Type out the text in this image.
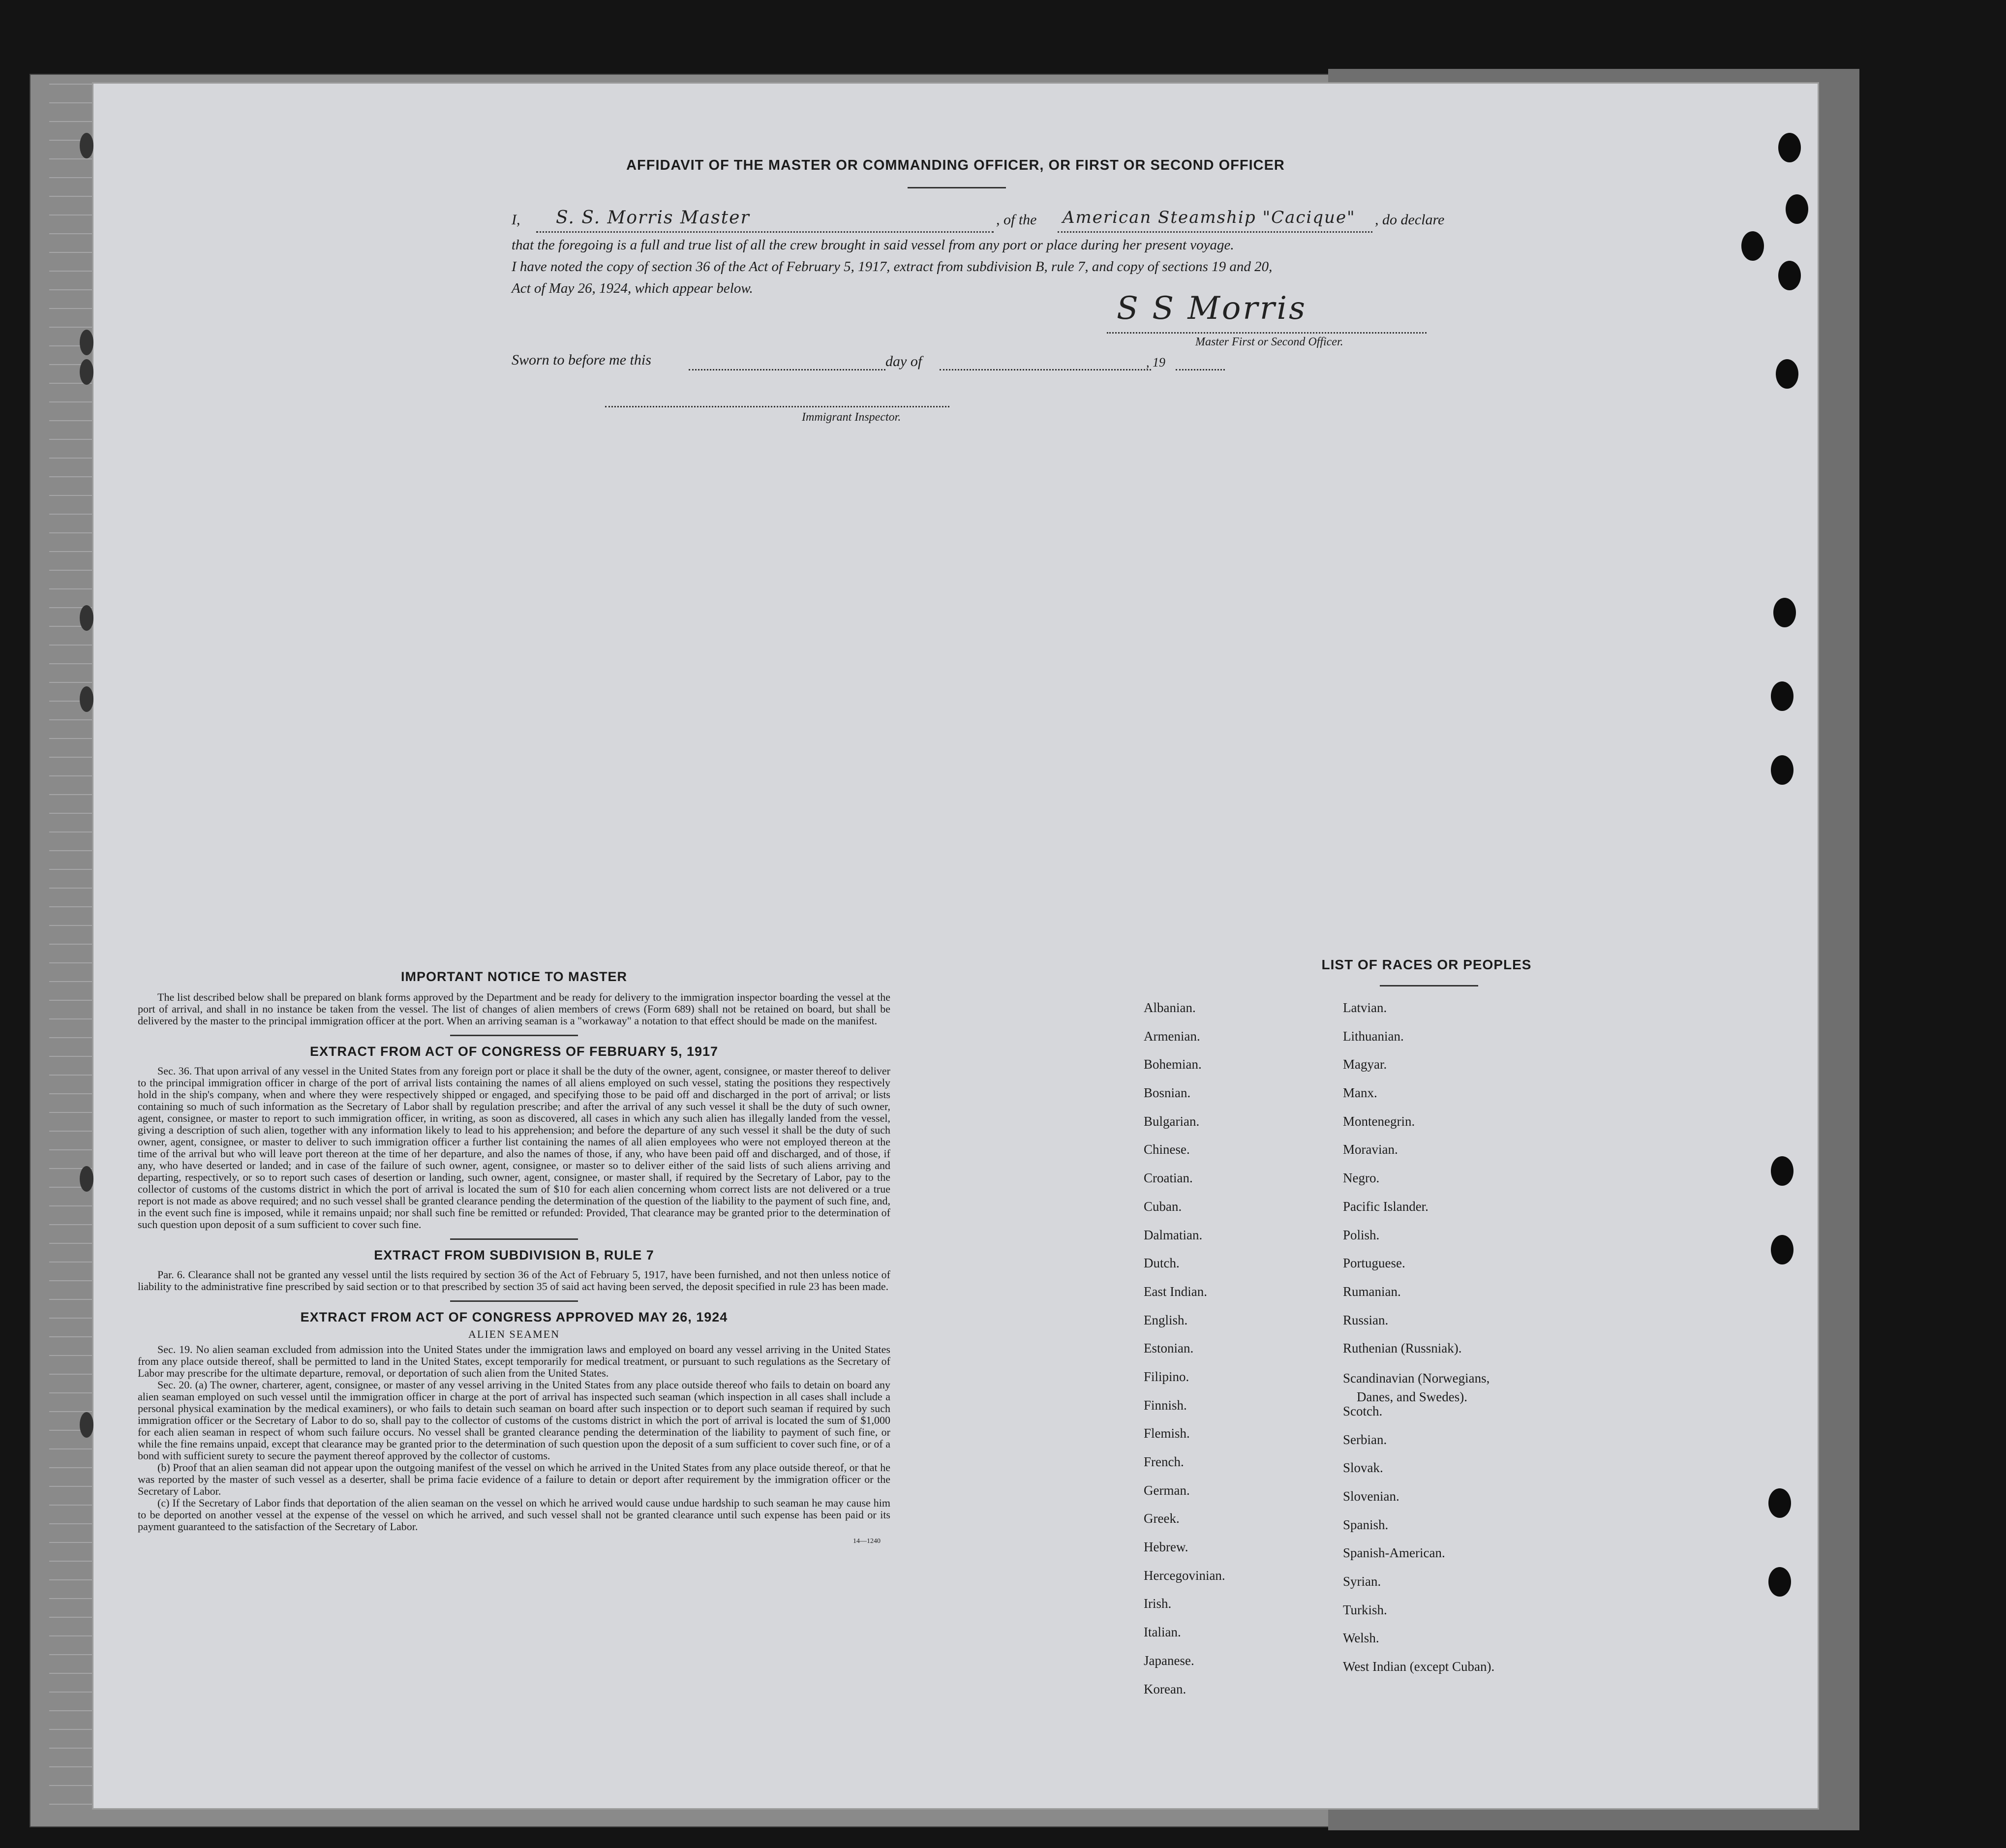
AFFIDAVIT OF THE MASTER OR COMMANDING OFFICER, OR FIRST OR SECOND OFFICER
I, S. S. Morris Master	, of the American Steamship "Cacique" , do declare
that the foregoing is a full and true list of all the crew brought in said vessel from any port or place during her present voyage.
I have noted the copy of section 36 of the Act of February 5, 1917, extract from subdivision B, rule 7, and copy of sections 19 and 20,
Act of May 26, 1924, which appear below.
S S Morris
Master First or Second Officer.
Sworn to before me this	day of	, 19
Immigrant Inspector.
IMPORTANT NOTICE TO MASTER

The list described below shall be prepared on blank forms approved by the Department and be ready for delivery to the immigration inspector boarding the vessel at the port of arrival, and shall in no instance be taken from the vessel. The list of changes of alien members of crews (Form 689) shall not be retained on board, but shall be delivered by the master to the principal immigration officer at the port. When an arriving seaman is a "workaway" a notation to that effect should be made on the manifest.

EXTRACT FROM ACT OF CONGRESS OF FEBRUARY 5, 1917

Sec. 36. That upon arrival of any vessel in the United States from any foreign port or place it shall be the duty of the owner, agent, consignee, or master thereof to deliver to the principal immigration officer in charge of the port of arrival lists containing the names of all aliens employed on such vessel, stating the positions they respectively hold in the ship's company, when and where they were respectively shipped or engaged, and specifying those to be paid off and discharged in the port of arrival; or lists containing so much of such information as the Secretary of Labor shall by regulation prescribe; and after the arrival of any such vessel it shall be the duty of such owner, agent, consignee, or master to report to such immigration officer, in writing, as soon as discovered, all cases in which any such alien has illegally landed from the vessel, giving a description of such alien, together with any information likely to lead to his apprehension; and before the departure of any such vessel it shall be the duty of such owner, agent, consignee, or master to deliver to such immigration officer a further list containing the names of all alien employees who were not employed thereon at the time of the arrival but who will leave port thereon at the time of her departure, and also the names of those, if any, who have been paid off and discharged, and of those, if any, who have deserted or landed; and in case of the failure of such owner, agent, consignee, or master so to deliver either of the said lists of such aliens arriving and departing, respectively, or so to report such cases of desertion or landing, such owner, agent, consignee, or master shall, if required by the Secretary of Labor, pay to the collector of customs of the customs district in which the port of arrival is located the sum of $10 for each alien concerning whom correct lists are not delivered or a true report is not made as above required; and no such vessel shall be granted clearance pending the determination of the question of the liability to the payment of such fine, and, in the event such fine is imposed, while it remains unpaid; nor shall such fine be remitted or refunded: Provided, That clearance may be granted prior to the determination of such question upon deposit of a sum sufficient to cover such fine.

EXTRACT FROM SUBDIVISION B, RULE 7

Par. 6. Clearance shall not be granted any vessel until the lists required by section 36 of the Act of February 5, 1917, have been furnished, and not then unless notice of liability to the administrative fine prescribed by said section or to that prescribed by section 35 of said act having been served, the deposit specified in rule 23 has been made.

EXTRACT FROM ACT OF CONGRESS APPROVED MAY 26, 1924
ALIEN SEAMEN

Sec. 19. No alien seaman excluded from admission into the United States under the immigration laws and employed on board any vessel arriving in the United States from any place outside thereof, shall be permitted to land in the United States, except temporarily for medical treatment, or pursuant to such regulations as the Secretary of Labor may prescribe for the ultimate departure, removal, or deportation of such alien from the United States.

Sec. 20. (a) The owner, charterer, agent, consignee, or master of any vessel arriving in the United States from any place outside thereof who fails to detain on board any alien seaman employed on such vessel until the immigration officer in charge at the port of arrival has inspected such seaman (which inspection in all cases shall include a personal physical examination by the medical examiners), or who fails to detain such seaman on board after such inspection or to deport such seaman if required by such immigration officer or the Secretary of Labor to do so, shall pay to the collector of customs of the customs district in which the port of arrival is located the sum of $1,000 for each alien seaman in respect of whom such failure occurs. No vessel shall be granted clearance pending the determination of the liability to payment of such fine, or while the fine remains unpaid, except that clearance may be granted prior to the determination of such question upon the deposit of a sum sufficient to cover such fine, or of a bond with sufficient surety to secure the payment thereof approved by the collector of customs.

(b) Proof that an alien seaman did not appear upon the outgoing manifest of the vessel on which he arrived in the United States from any place outside thereof, or that he was reported by the master of such vessel as a deserter, shall be prima facie evidence of a failure to detain or deport after requirement by the immigration officer or the Secretary of Labor.

(c) If the Secretary of Labor finds that deportation of the alien seaman on the vessel on which he arrived would cause undue hardship to such seaman he may cause him to be deported on another vessel at the expense of the vessel on which he arrived, and such vessel shall not be granted clearance until such expense has been paid or its payment guaranteed to the satisfaction of the Secretary of Labor.

14—1240
LIST OF RACES OR PEOPLES
Albanian.
Armenian.
Bohemian.
Bosnian.
Bulgarian.
Chinese.
Croatian.
Cuban.
Dalmatian.
Dutch.
East Indian.
English.
Estonian.
Filipino.
Finnish.
Flemish.
French.
German.
Greek.
Hebrew.
Hercegovinian.
Irish.
Italian.
Japanese.
Korean.
Latvian.
Lithuanian.
Magyar.
Manx.
Montenegrin.
Moravian.
Negro.
Pacific Islander.
Polish.
Portuguese.
Rumanian.
Russian.
Ruthenian (Russniak).
Scandinavian (Norwegians,
Danes, and Swedes).
Scotch.
Serbian.
Slovak.
Slovenian.
Spanish.
Spanish-American.
Syrian.
Turkish.
Welsh.
West Indian (except Cuban).
